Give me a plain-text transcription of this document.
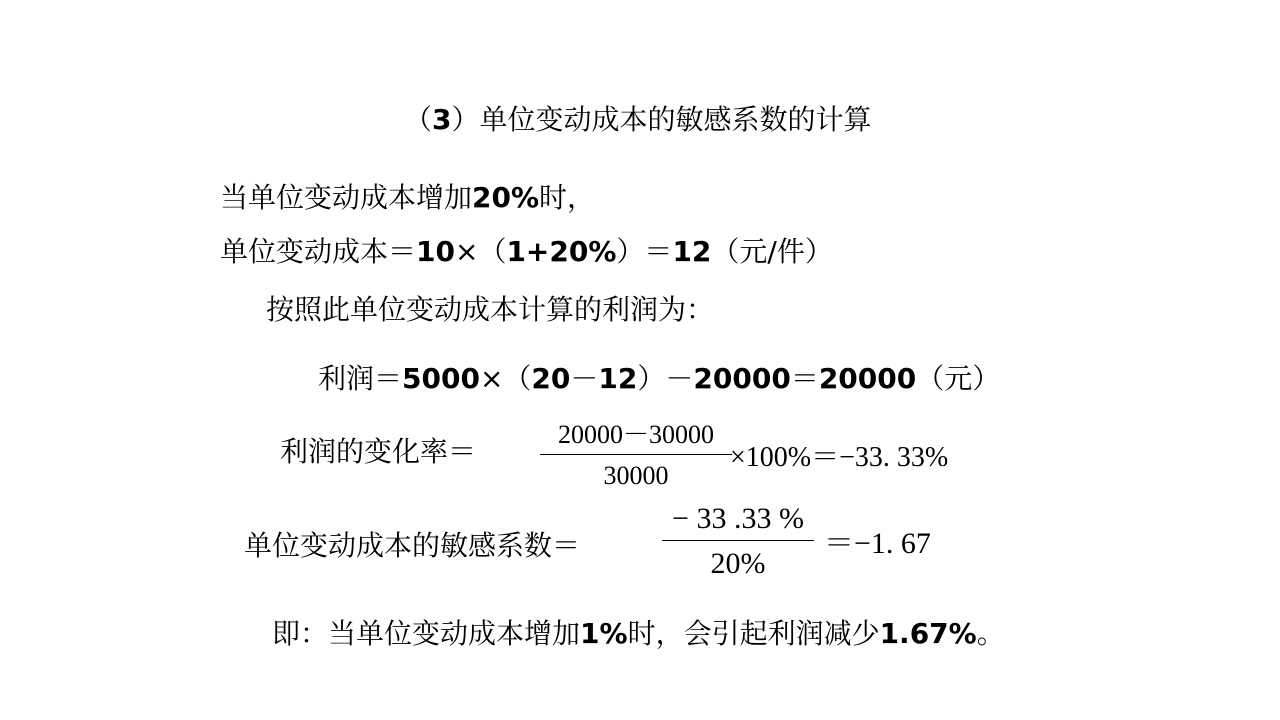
（3）单位变动成本的敏感系数的计算
当单位变动成本增加20%时，
单位变动成本＝10×（1+20%）＝12（元/件）
按照此单位变动成本计算的利润为：
利润＝5000×（20－12）－20000＝20000（元）
利润的变化率＝
20000－30000
30000
×100%＝−33. 33%
单位变动成本的敏感系数＝
− 33 .33 %
20%
＝−1. 67
即：当单位变动成本增加1%时，会引起利润减少1.67%。
